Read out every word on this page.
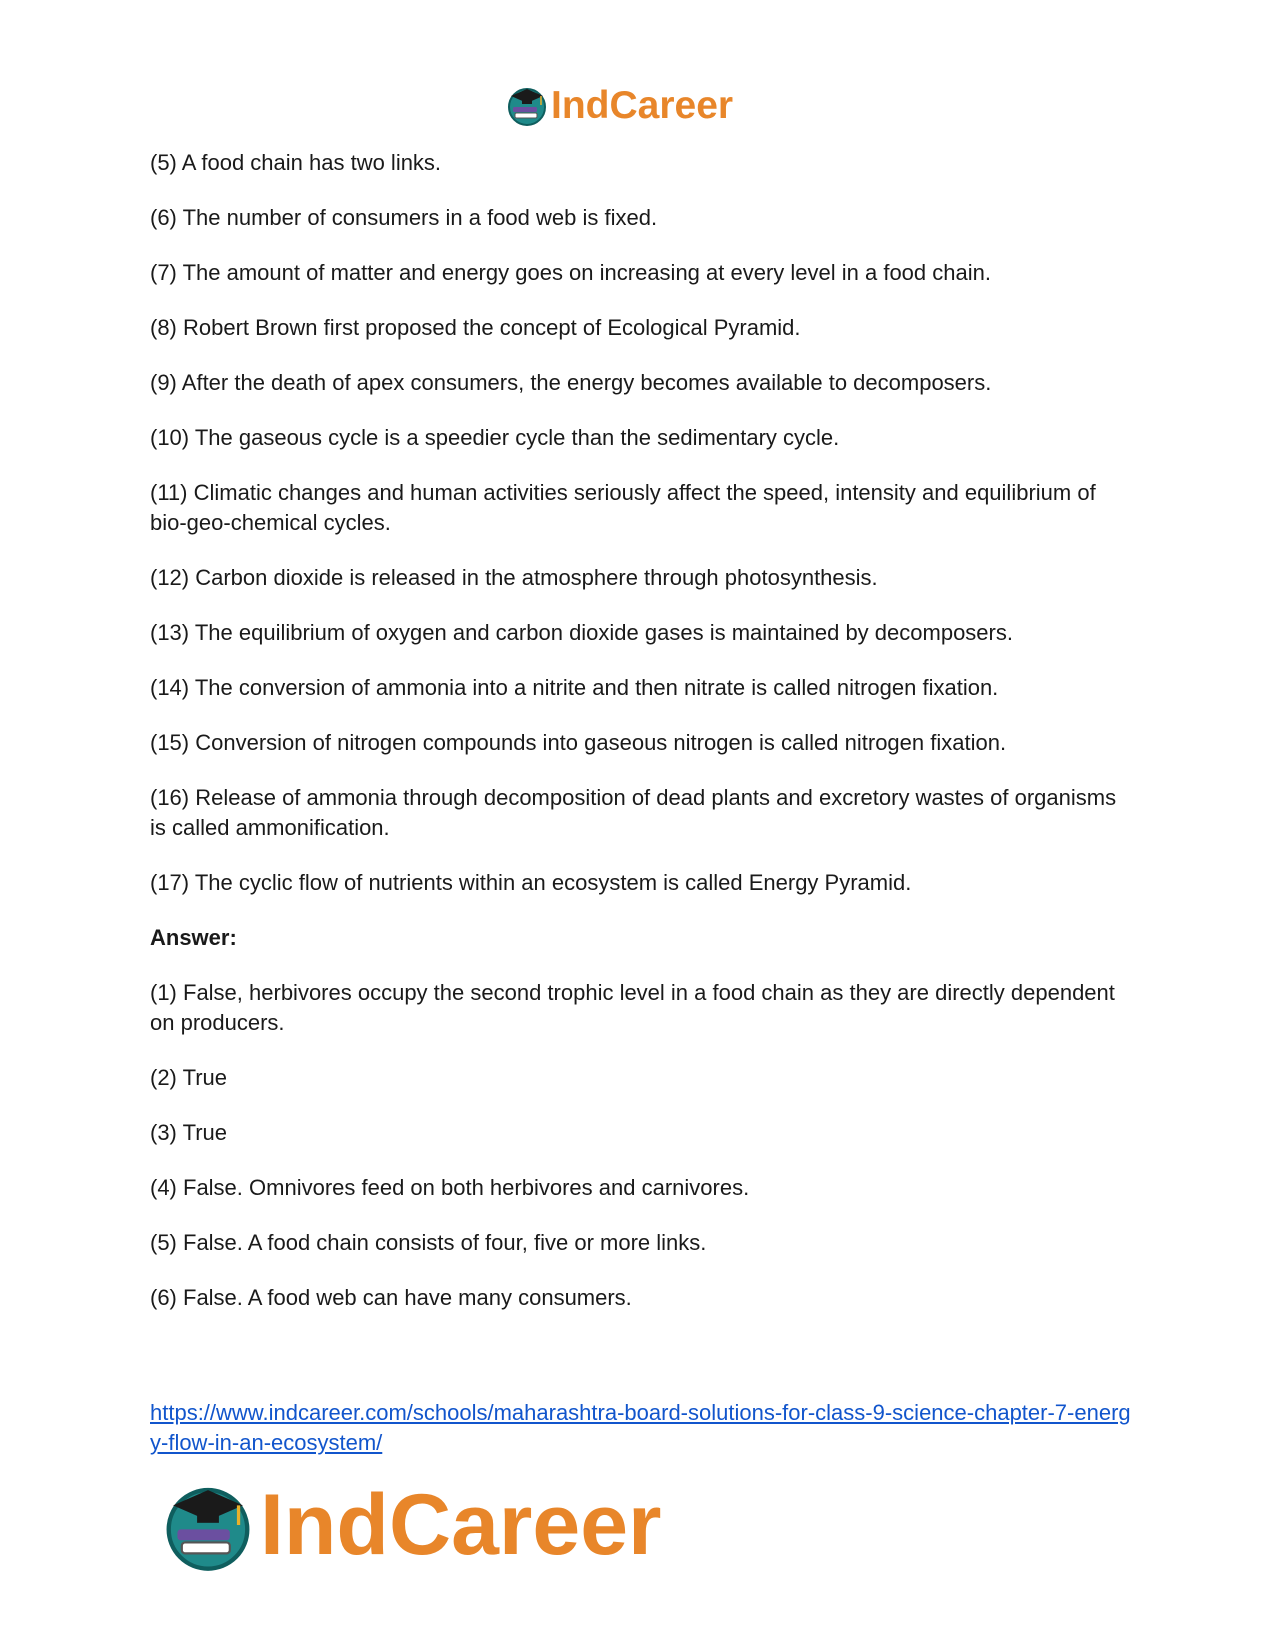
IndCareer

(5) A food chain has two links.

(6) The number of consumers in a food web is fixed.

(7) The amount of matter and energy goes on increasing at every level in a food chain.

(8) Robert Brown first proposed the concept of Ecological Pyramid.

(9) After the death of apex consumers, the energy becomes available to decomposers.

(10) The gaseous cycle is a speedier cycle than the sedimentary cycle.

(11) Climatic changes and human activities seriously affect the speed, intensity and equilibrium of bio-geo-chemical cycles.

(12) Carbon dioxide is released in the atmosphere through photosynthesis.

(13) The equilibrium of oxygen and carbon dioxide gases is maintained by decomposers.

(14) The conversion of ammonia into a nitrite and then nitrate is called nitrogen fixation.

(15) Conversion of nitrogen compounds into gaseous nitrogen is called nitrogen fixation.

(16) Release of ammonia through decomposition of dead plants and excretory wastes of organisms is called ammonification.

(17) The cyclic flow of nutrients within an ecosystem is called Energy Pyramid.

Answer:

(1) False, herbivores occupy the second trophic level in a food chain as they are directly dependent on producers.

(2) True

(3) True

(4) False. Omnivores feed on both herbivores and carnivores.

(5) False. A food chain consists of four, five or more links.

(6) False. A food web can have many consumers.

https://www.indcareer.com/schools/maharashtra-board-solutions-for-class-9-science-chapter-7-energy-flow-in-an-ecosystem/
IndCareer
